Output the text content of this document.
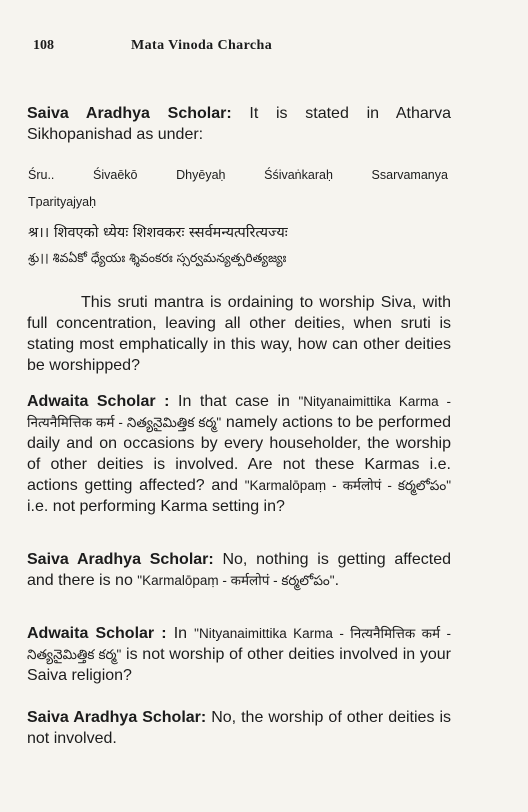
108	Mata Vinoda Charcha

Saiva Aradhya Scholar: It is stated in Atharva Sikhopanishad as under:

Śru..	Śivaēkō	Dhyēyaḥ	Śśivaṅkaraḥ	Ssarvamanya
Tparityajyaḥ
श्र।। शिवएको ध्येयः शिशवकरः स्सर्वमन्यत्परित्यज्यः
శ్రు।। శివఏకో ధ్యేయః శ్శివంకరః స్సర్వమన్యత్పరిత్యజ్యః

This sruti mantra is ordaining to worship Siva, with full concentration, leaving all other deities, when sruti is stating most emphatically in this way, how can other deities be worshipped?

Adwaita Scholar : In that case in "Nityanaimittika Karma - नित्यनैमित्तिक कर्म - నిత్యనైమిత్తిక కర్మ" namely actions to be performed daily and on occasions by every householder, the worship of other deities is involved. Are not these Karmas i.e. actions getting affected? and "Karmalōpaṃ - कर्मलोपं - కర్మలోపం" i.e. not performing Karma setting in?

Saiva Aradhya Scholar: No, nothing is getting affected and there is no "Karmalōpaṃ - कर्मलोपं - కర్మలోపం".

Adwaita Scholar : In "Nityanaimittika Karma - नित्यनैमित्तिक कर्म - నిత్యనైమిత్తిక కర్మ" is not worship of other deities involved in your Saiva religion?

Saiva Aradhya Scholar: No, the worship of other deities is not involved.
